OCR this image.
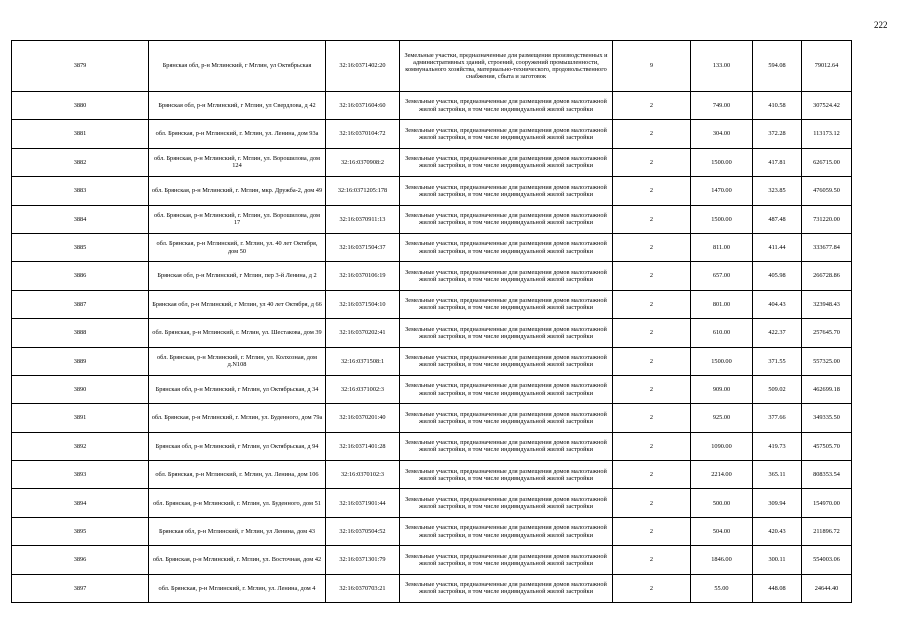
222
3879	Брянская обл, р-н Мглинский, г Мглин, ул Октябрьская	32:16:0371402:20	Земельные участки, предназначенные для размещения производственных и административных зданий, строений, сооружений промышленности, коммунального хозяйства, материально-технического, продовольственного снабжения, сбыта и заготовок	9	133.00	594.08	79012.64
3880	Брянская обл, р-н Мглинский, г Мглин, ул Свердлова, д 42	32:16:0371604:60	Земельные участки, предназначенные для размещения домов малоэтажной жилой застройки, в том числе индивидуальной жилой застройки	2	749.00	410.58	307524.42
3881	обл. Брянская, р-н Мглинский, г. Мглин, ул. Ленина, дом 93а	32:16:0370104:72	Земельные участки, предназначенные для размещения домов малоэтажной жилой застройки, в том числе индивидуальной жилой застройки	2	304.00	372.28	113173.12
3882	обл. Брянская, р-н Мглинский, г. Мглин, ул. Ворошилова, дом 124	32:16:0370908:2	Земельные участки, предназначенные для размещения домов малоэтажной жилой застройки, в том числе индивидуальной жилой застройки	2	1500.00	417.81	626715.00
3883	обл. Брянская, р-н Мглинский, г. Мглин, мкр. Дружба-2, дом 49	32:16:0371205:178	Земельные участки, предназначенные для размещения домов малоэтажной жилой застройки, в том числе индивидуальной жилой застройки	2	1470.00	323.85	476059.50
3884	обл. Брянская, р-н Мглинский, г. Мглин, ул. Ворошилова, дом 17	32:16:0370911:13	Земельные участки, предназначенные для размещения домов малоэтажной жилой застройки, в том числе индивидуальной жилой застройки	2	1500.00	487.48	731220.00
3885	обл. Брянская, р-н Мглинский, г. Мглин, ул. 40 лет Октября, дом 50	32:16:0371504:37	Земельные участки, предназначенные для размещения домов малоэтажной жилой застройки, в том числе индивидуальной жилой застройки	2	811.00	411.44	333677.84
3886	Брянская обл, р-н Мглинский, г Мглин, пер 3-й Ленина, д 2	32:16:0370106:19	Земельные участки, предназначенные для размещения домов малоэтажной жилой застройки, в том числе индивидуальной жилой застройки	2	657.00	405.98	266728.86
3887	Брянская обл, р-н Мглинский, г Мглин, ул 40 лет Октября, д 66	32:16:0371504:10	Земельные участки, предназначенные для размещения домов малоэтажной жилой застройки, в том числе индивидуальной жилой застройки	2	801.00	404.43	323948.43
3888	обл. Брянская, р-н Мглинский, г. Мглин, ул. Шестакова, дом 39	32:16:0370202:41	Земельные участки, предназначенные для размещения домов малоэтажной жилой застройки, в том числе индивидуальной жилой застройки	2	610.00	422.37	257645.70
3889	обл. Брянская, р-н Мглинский, г. Мглин, ул. Колхозная, дом д.N108	32:16:0371508:1	Земельные участки, предназначенные для размещения домов малоэтажной жилой застройки, в том числе индивидуальной жилой застройки	2	1500.00	371.55	557325.00
3890	Брянская обл, р-н Мглинский, г Мглин, ул Октябрьская, д 34	32:16:0371002:3	Земельные участки, предназначенные для размещения домов малоэтажной жилой застройки, в том числе индивидуальной жилой застройки	2	909.00	509.02	462699.18
3891	обл. Брянская, р-н Мглинский, г. Мглин, ул. Буденного, дом 79а	32:16:0370201:40	Земельные участки, предназначенные для размещения домов малоэтажной жилой застройки, в том числе индивидуальной жилой застройки	2	925.00	377.66	349335.50
3892	Брянская обл, р-н Мглинский, г Мглин, ул Октябрьская, д 94	32:16:0371401:28	Земельные участки, предназначенные для размещения домов малоэтажной жилой застройки, в том числе индивидуальной жилой застройки	2	1090.00	419.73	457505.70
3893	обл. Брянская, р-н Мглинский, г. Мглин, ул. Ленина, дом 106	32:16:0370102:3	Земельные участки, предназначенные для размещения домов малоэтажной жилой застройки, в том числе индивидуальной жилой застройки	2	2214.00	365.11	808353.54
3894	обл. Брянская, р-н Мглинский, г. Мглин, ул. Буденного, дом 51	32:16:0371901:44	Земельные участки, предназначенные для размещения домов малоэтажной жилой застройки, в том числе индивидуальной жилой застройки	2	500.00	309.94	154970.00
3895	Брянская обл, р-н Мглинский, г Мглин, ул Ленина, дом 43	32:16:0370504:52	Земельные участки, предназначенные для размещения домов малоэтажной жилой застройки, в том числе индивидуальной жилой застройки	2	504.00	420.43	211896.72
3896	обл. Брянская, р-н Мглинский, г. Мглин, ул. Восточная, дом 42	32:16:0371301:79	Земельные участки, предназначенные для размещения домов малоэтажной жилой застройки, в том числе индивидуальной жилой застройки	2	1846.00	300.11	554003.06
3897	обл. Брянская, р-н Мглинский, г. Мглин, ул. Ленина, дом 4	32:16:0370703:21	Земельные участки, предназначенные для размещения домов малоэтажной жилой застройки, в том числе индивидуальной жилой застройки	2	55.00	448.08	24644.40
